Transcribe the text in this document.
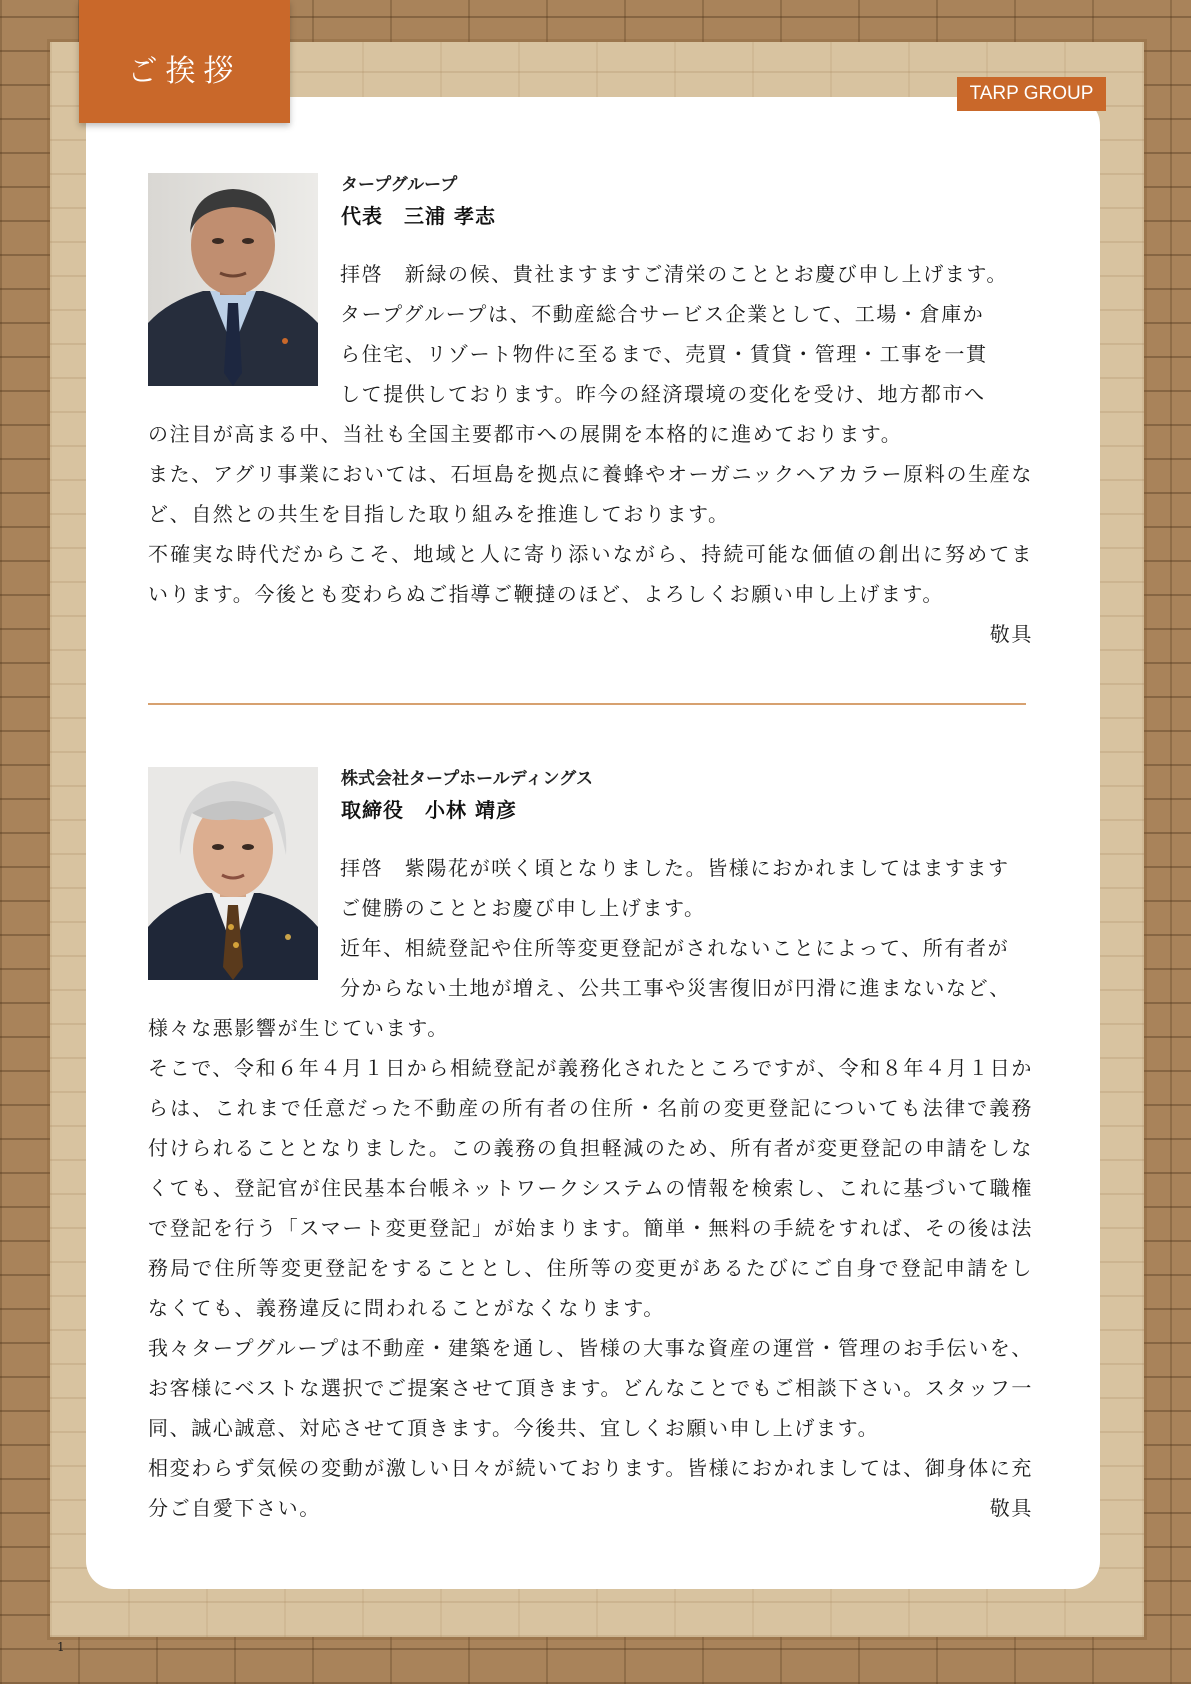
ご挨拶
TARP GROUP
タープグループ
代表　三浦 孝志

拝啓　新緑の候、貴社ますますご清栄のこととお慶び申し上げます。

タープグループは、不動産総合サービス企業として、工場・倉庫か

ら住宅、リゾート物件に至るまで、売買・賃貸・管理・工事を一貫

して提供しております。昨今の経済環境の変化を受け、地方都市へ

の注目が高まる中、当社も全国主要都市への展開を本格的に進めております。

また、アグリ事業においては、石垣島を拠点に養蜂やオーガニックヘアカラー原料の生産など、自然との共生を目指した取り組みを推進しております。

不確実な時代だからこそ、地域と人に寄り添いながら、持続可能な価値の創出に努めてまいります。今後とも変わらぬご指導ご鞭撻のほど、よろしくお願い申し上げます。

敬具

株式会社タープホールディングス
取締役　小林 靖彦

拝啓　紫陽花が咲く頃となりました。皆様におかれましてはますます

ご健勝のこととお慶び申し上げます。

近年、相続登記や住所等変更登記がされないことによって、所有者が

分からない土地が増え、公共工事や災害復旧が円滑に進まないなど、

様々な悪影響が生じています。

そこで、令和６年４月１日から相続登記が義務化されたところですが、令和８年４月１日からは、これまで任意だった不動産の所有者の住所・名前の変更登記についても法律で義務付けられることとなりました。この義務の負担軽減のため、所有者が変更登記の申請をしなくても、登記官が住民基本台帳ネットワークシステムの情報を検索し、これに基づいて職権で登記を行う「スマート変更登記」が始まります。簡単・無料の手続をすれば、その後は法務局で住所等変更登記をすることとし、住所等の変更があるたびにご自身で登記申請をしなくても、義務違反に問われることがなくなります。

我々タープグループは不動産・建築を通し、皆様の大事な資産の運営・管理のお手伝いを、お客様にベストな選択でご提案させて頂きます。どんなことでもご相談下さい。スタッフ一同、誠心誠意、対応させて頂きます。今後共、宜しくお願い申し上げます。

相変わらず気候の変動が激しい日々が続いております。皆様におかれましては、御身体に充分ご自愛下さい。	敬具

1
